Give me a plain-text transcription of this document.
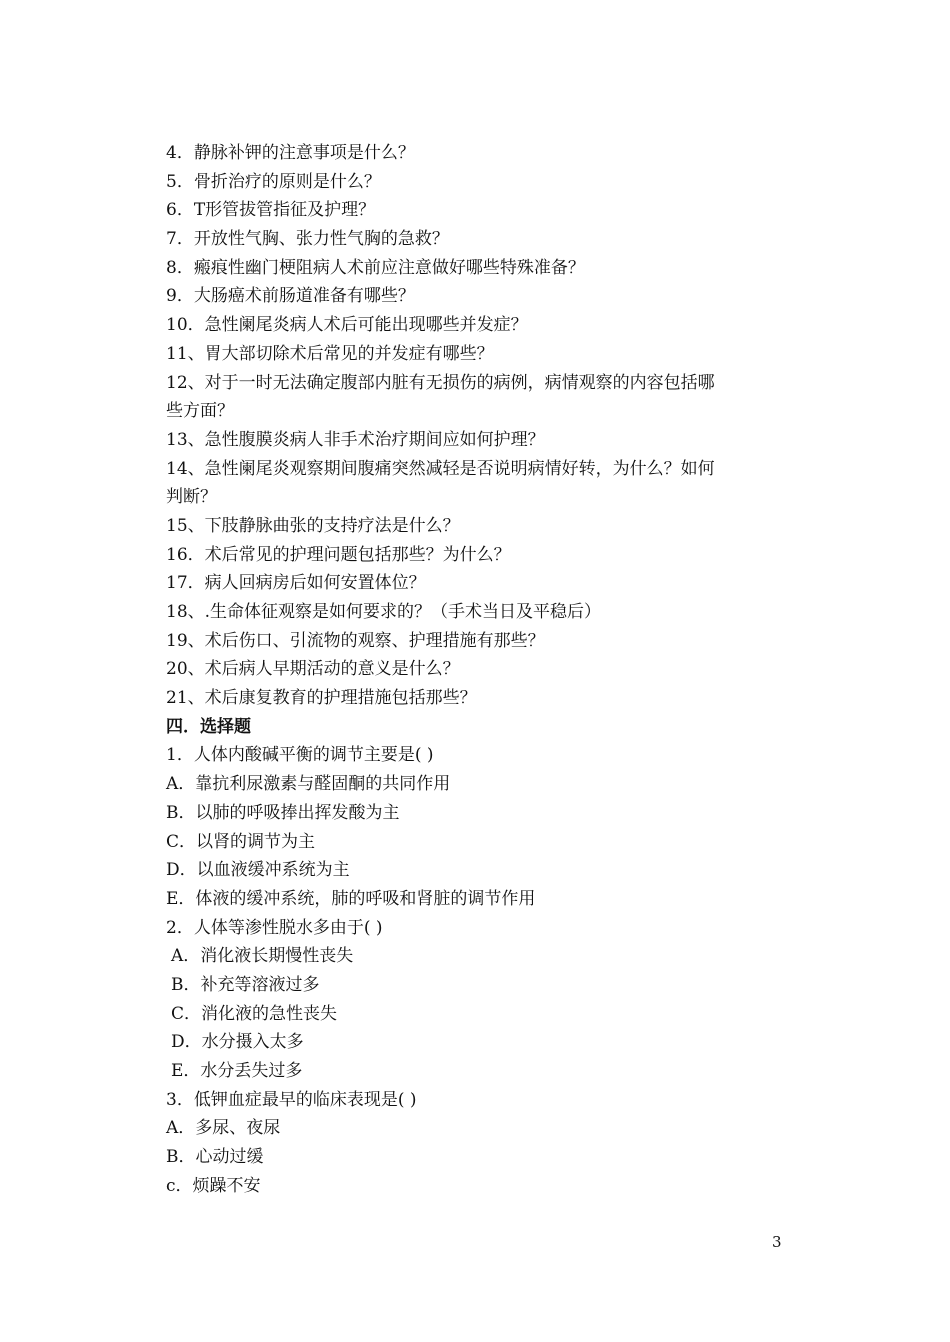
4．静脉补钾的注意事项是什么？
5．骨折治疗的原则是什么？
6．T形管拔管指征及护理？
7．开放性气胸、张力性气胸的急救？
8．瘢痕性幽门梗阻病人术前应注意做好哪些特殊准备？
9．大肠癌术前肠道准备有哪些？
10．急性阑尾炎病人术后可能出现哪些并发症？
11、胃大部切除术后常见的并发症有哪些？
12、对于一时无法确定腹部内脏有无损伤的病例，病情观察的内容包括哪
些方面？
13、急性腹膜炎病人非手术治疗期间应如何护理？
14、急性阑尾炎观察期间腹痛突然减轻是否说明病情好转，为什么？如何
判断？
15、下肢静脉曲张的支持疗法是什么？
16．术后常见的护理问题包括那些？为什么？
17．病人回病房后如何安置体位？
18、.生命体征观察是如何要求的？（手术当日及平稳后）
19、术后伤口、引流物的观察、护理措施有那些？
20、术后病人早期活动的意义是什么？
21、术后康复教育的护理措施包括那些？
四．选择题
1．人体内酸碱平衡的调节主要是( )
A．靠抗利尿激素与醛固酮的共同作用
B．以肺的呼吸捧出挥发酸为主
C．以肾的调节为主
D．以血液缓冲系统为主
E．体液的缓冲系统，肺的呼吸和肾脏的调节作用
2．人体等渗性脱水多由于( )
A．消化液长期慢性丧失
B．补充等溶液过多
C．消化液的急性丧失
D．水分摄入太多
E．水分丢失过多
3．低钾血症最早的临床表现是( )
A．多尿、夜尿
B．心动过缓
c．烦躁不安
3
